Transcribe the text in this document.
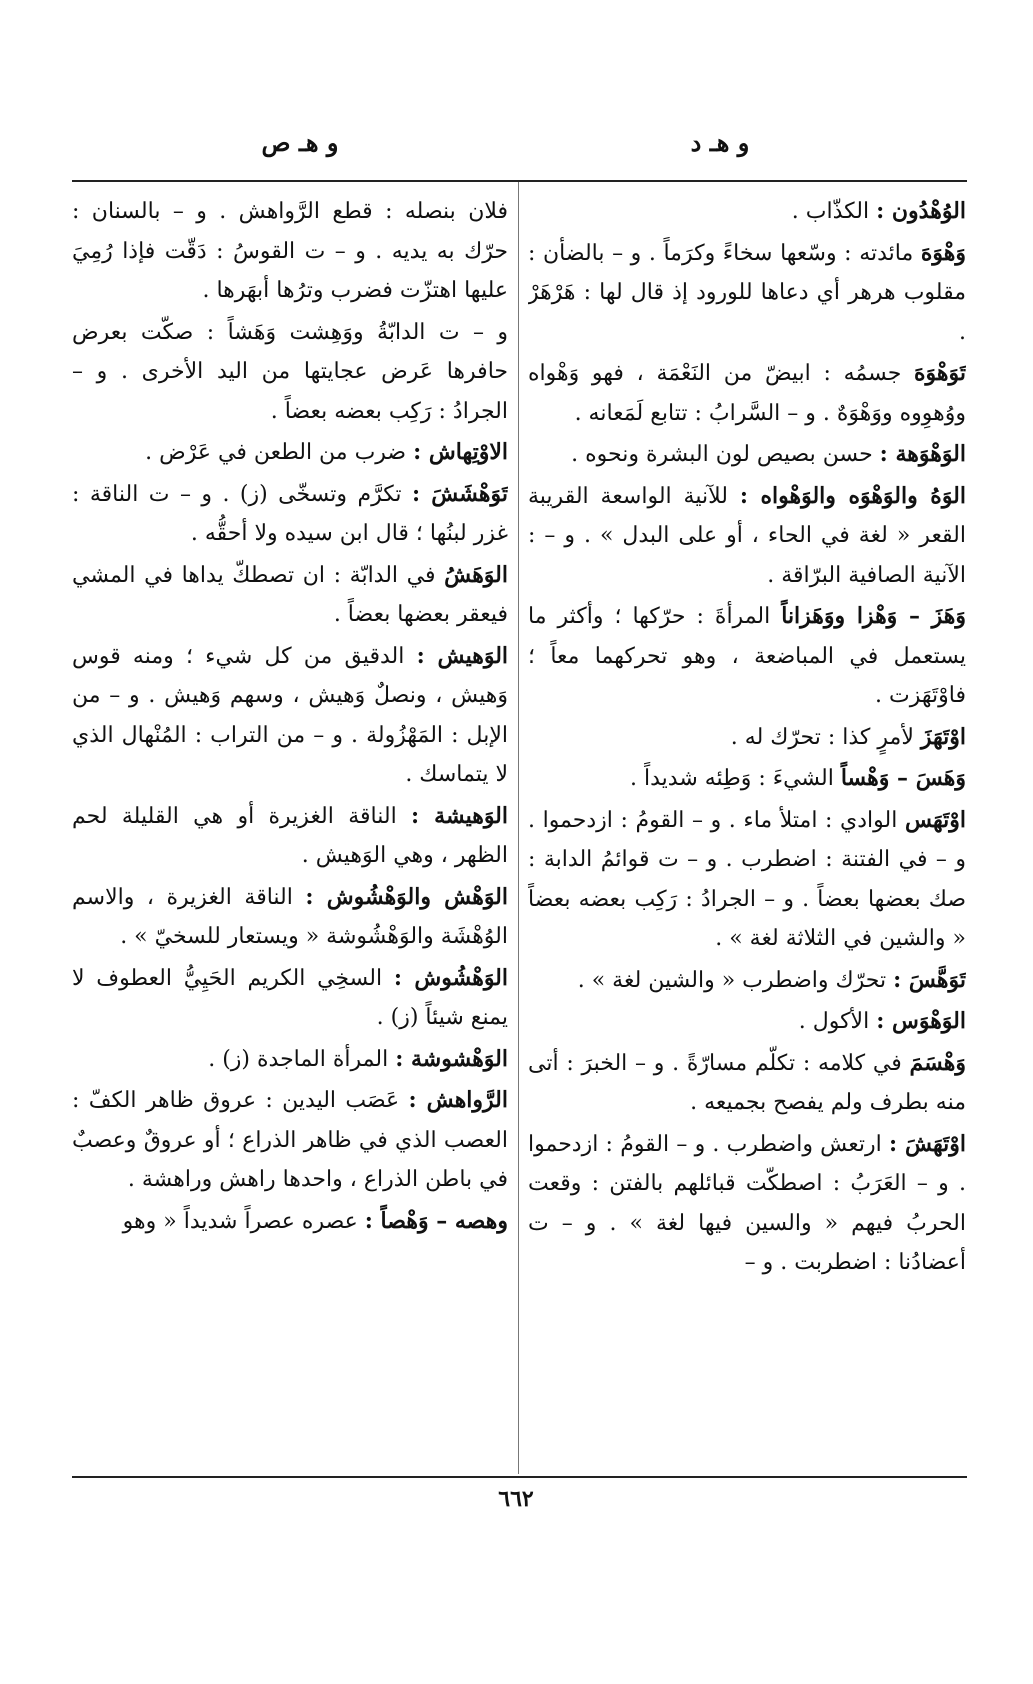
و هـ د
و هـ ص

الوُهْدُون : الكذّاب .

وَهْوَهَ مائدته : وسّعها سخاءً وكرَماً . و – بالضأن : مقلوب هرهر أي دعاها للورود إذ قال لها : هَرْهَرْ .

تَوَهْوَهَ جسمُه : ابيضّ من النَعْمَة ، فهو وَهْواه ووُهوِوه ووَهْوَهٌ . و – السَّرابُ : تتابع لَمَعانه .

الوَهْوَهة : حسن بصيص لون البشرة ونحوه .

الوَهُ والوَهْوَه والوَهْواه : للآنية الواسعة القريبة القعر « لغة في الحاء ، أو على البدل » . و – : الآنية الصافية البرّاقة .

وَهَزَ – وَهْزا ووَهَزاناً المرأةَ : حرّكها ؛ وأكثر ما يستعمل في المباضعة ، وهو تحركهما معاً ؛ فاوْتَهَزت .

اوْتَهَزَ لأمرٍ كذا : تحرّك له .

وَهَسَ – وَهْساً الشيءَ : وَطِئه شديداً .

اوْتَهَس الوادي : امتلأ ماء . و – القومُ : ازدحموا . و – في الفتنة : اضطرب . و – ت قوائمُ الدابة : صك بعضها بعضاً . و – الجرادُ : رَكِب بعضه بعضاً « والشين في الثلاثة لغة » .

تَوَهَّسَ : تحرّك واضطرب « والشين لغة » .

الوَهْوَس : الأكول .

وَهْسَمَ في كلامه : تكلّم مسارّةً . و – الخبرَ : أتى منه بطرف ولم يفصح بجميعه .

اوْتَهَشَ : ارتعش واضطرب . و – القومُ : ازدحموا . و – العَرَبُ : اصطكّت قبائلهم بالفتن : وقعت الحربُ فيهم « والسين فيها لغة » . و – ت أعضادُنا : اضطربت . و –

فلان بنصله : قطع الرَّواهش . و – بالسنان : حرّك به يديه . و – ت القوسُ : دَقّت فإذا رُمِيَ عليها اهتزّت فضرب وترُها أبهَرها .

و – ت الدابّةُ ووَهِشت وَهَشاً : صكّت بعرض حافرها عَرض عجايتها من اليد الأخرى . و – الجرادُ : رَكِب بعضه بعضاً .

الاوْتِهاش : ضرب من الطعن في عَرْض .

تَوَهْشَشَ : تكرَّم وتسخّى (ز) . و – ت الناقة : غزر لبنُها ؛ قال ابن سيده ولا أحقُّه .

الوَهَشُ في الدابّة : ان تصطكّ يداها في المشي فيعقر بعضها بعضاً .

الوَهيش : الدقيق من كل شيء ؛ ومنه قوس وَهيش ، ونصلٌ وَهيش ، وسهم وَهيش . و – من الإبل : المَهْزُولة . و – من التراب : المُنْهال الذي لا يتماسك .

الوَهيشة : الناقة الغزيرة أو هي القليلة لحم الظهر ، وهي الوَهيش .

الوَهْش والوَهْشُوش : الناقة الغزيرة ، والاسم الوُهْشَة والوَهْشُوشة « ويستعار للسخيّ » .

الوَهْشُوش : السخِي الكريم الحَيِيُّ العطوف لا يمنع شيئاً (ز) .

الوَهْشوشة : المرأة الماجدة (ز) .

الرَّواهش : عَصَب اليدين : عروق ظاهر الكفّ : العصب الذي في ظاهر الذراع ؛ أو عروقٌ وعصبٌ في باطن الذراع ، واحدها راهش وراهشة .

وهصه – وَهْصاً : عصره عصراً شديداً « وهو

٦٦٢
